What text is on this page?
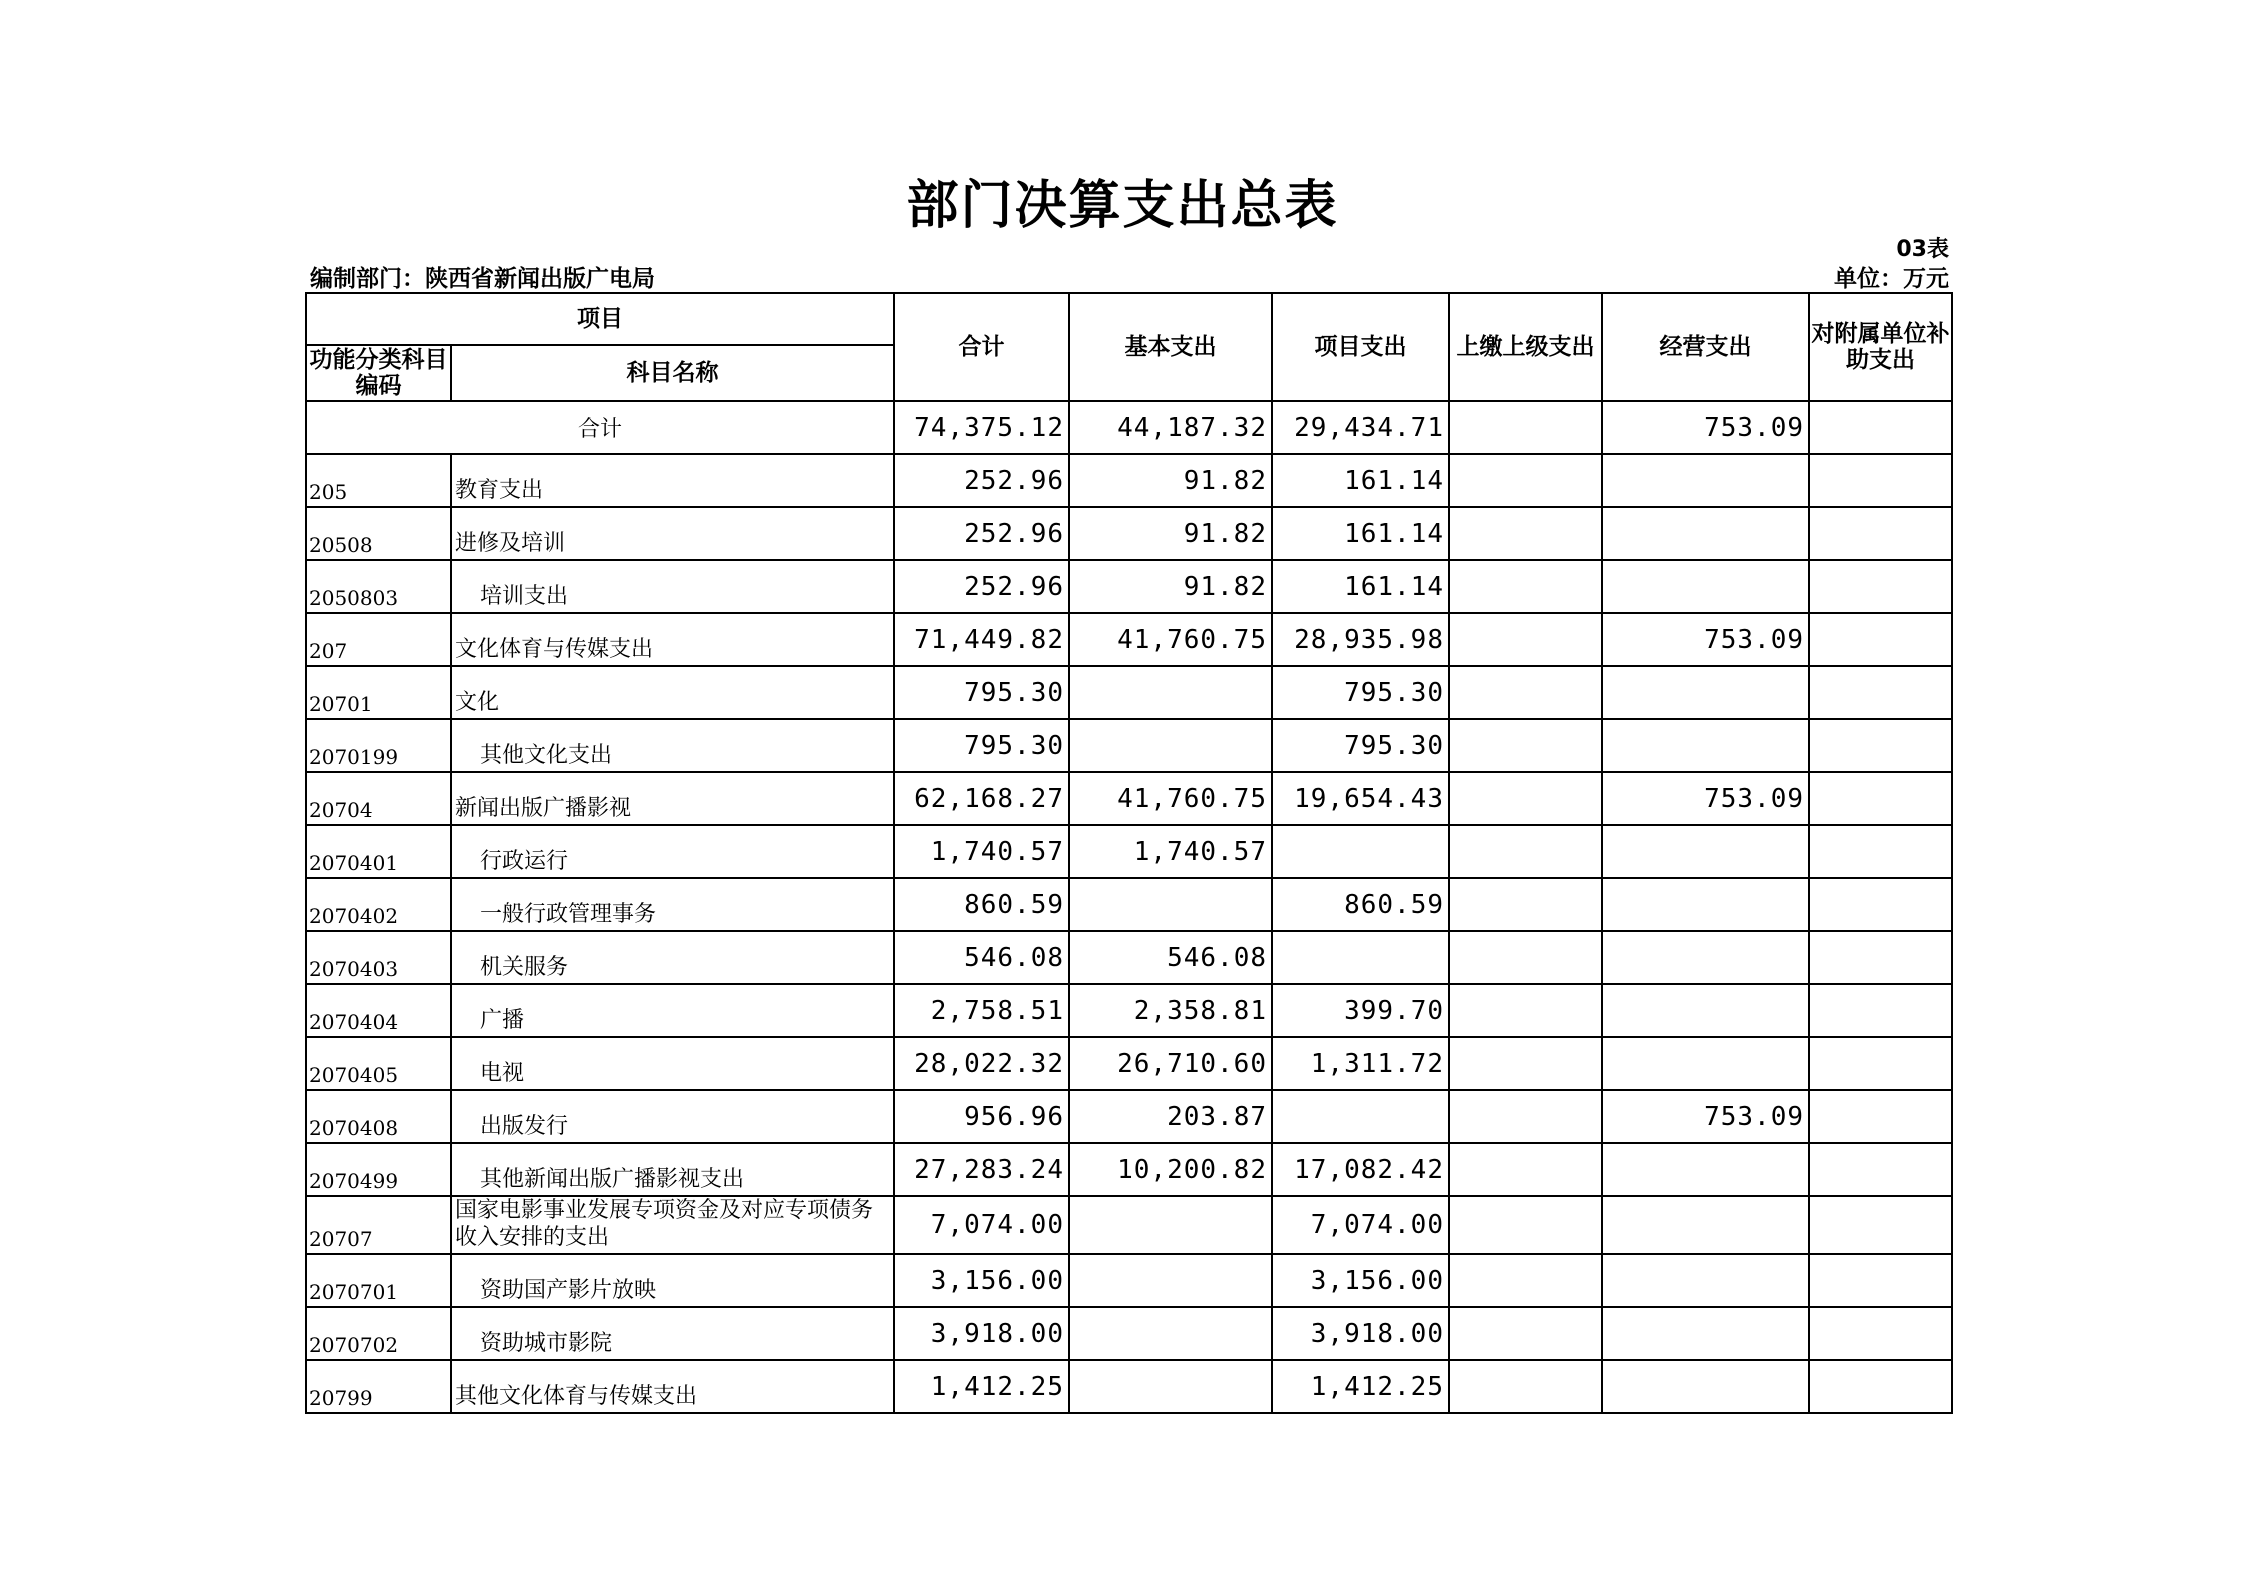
部门决算支出总表
03表
编制部门：陕西省新闻出版广电局	单位：万元
项目		合计	基本支出	项目支出	上缴上级支出	经营支出	对附属单位补助支出
功能分类科目编码	科目名称						
合计		74,375.12	44,187.32	29,434.71		753.09	
205	教育支出	252.96	91.82	161.14			
20508	进修及培训	252.96	91.82	161.14			
2050803	培训支出	252.96	91.82	161.14			
207	文化体育与传媒支出	71,449.82	41,760.75	28,935.98		753.09	
20701	文化	795.30		795.30			
2070199	其他文化支出	795.30		795.30			
20704	新闻出版广播影视	62,168.27	41,760.75	19,654.43		753.09	
2070401	行政运行	1,740.57	1,740.57				
2070402	一般行政管理事务	860.59		860.59			
2070403	机关服务	546.08	546.08				
2070404	广播	2,758.51	2,358.81	399.70			
2070405	电视	28,022.32	26,710.60	1,311.72			
2070408	出版发行	956.96	203.87			753.09	
2070499	其他新闻出版广播影视支出	27,283.24	10,200.82	17,082.42			
20707	国家电影事业发展专项资金及对应专项债务收入安排的支出	7,074.00		7,074.00			
2070701	资助国产影片放映	3,156.00		3,156.00			
2070702	资助城市影院	3,918.00		3,918.00			
20799	其他文化体育与传媒支出	1,412.25		1,412.25			
